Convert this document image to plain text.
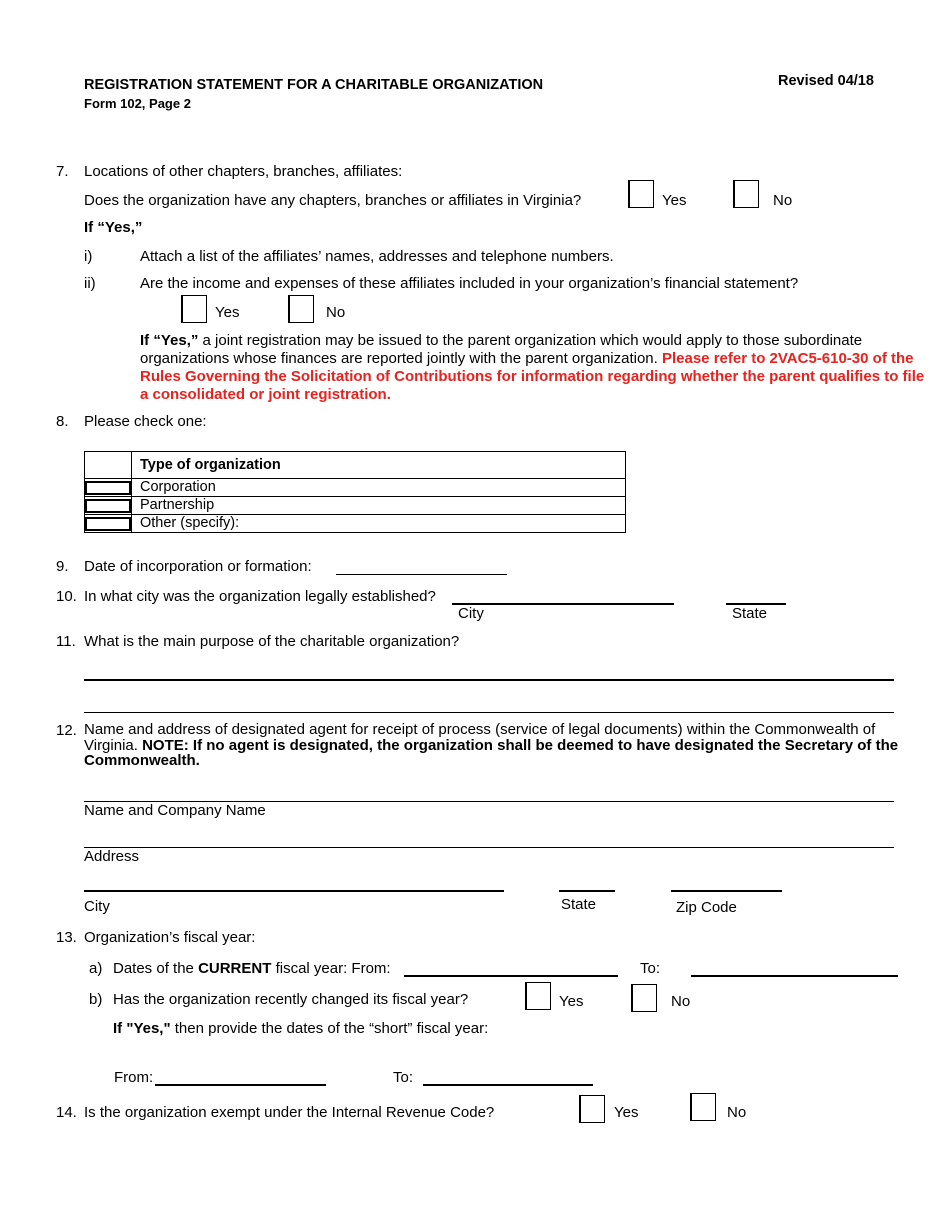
REGISTRATION STATEMENT FOR A CHARITABLE ORGANIZATION
Form 102, Page 2
Revised 04/18
7. Locations of other chapters, branches, affiliates:
Does the organization have any chapters, branches or affiliates in Virginia?	Yes	No
If “Yes,”
i)	Attach a list of the affiliates’ names, addresses and telephone numbers.
ii)	Are the income and expenses of these affiliates included in your organization’s financial statement?
Yes	No
If “Yes,” a joint registration may be issued to the parent organization which would apply to those subordinate organizations whose finances are reported jointly with the parent organization. Please refer to 2VAC5-610-30 of the Rules Governing the Solicitation of Contributions for information regarding whether the parent qualifies to file a consolidated or joint registration.
8. Please check one:
	Type of organization

	Corporation

	Partnership

	Other (specify):
9. Date of incorporation or formation:
10. In what city was the organization legally established?
City	State
11. What is the main purpose of the charitable organization?
12. Name and address of designated agent for receipt of process (service of legal documents) within the Commonwealth of Virginia. NOTE: If no agent is designated, the organization shall be deemed to have designated the Secretary of the Commonwealth.
Name and Company Name
Address
City	State	Zip Code
13. Organization’s fiscal year:
a) Dates of the CURRENT fiscal year: From:	To:
b) Has the organization recently changed its fiscal year?	Yes	No
If "Yes," then provide the dates of the “short” fiscal year:
From:	To:
14. Is the organization exempt under the Internal Revenue Code?	Yes	No
